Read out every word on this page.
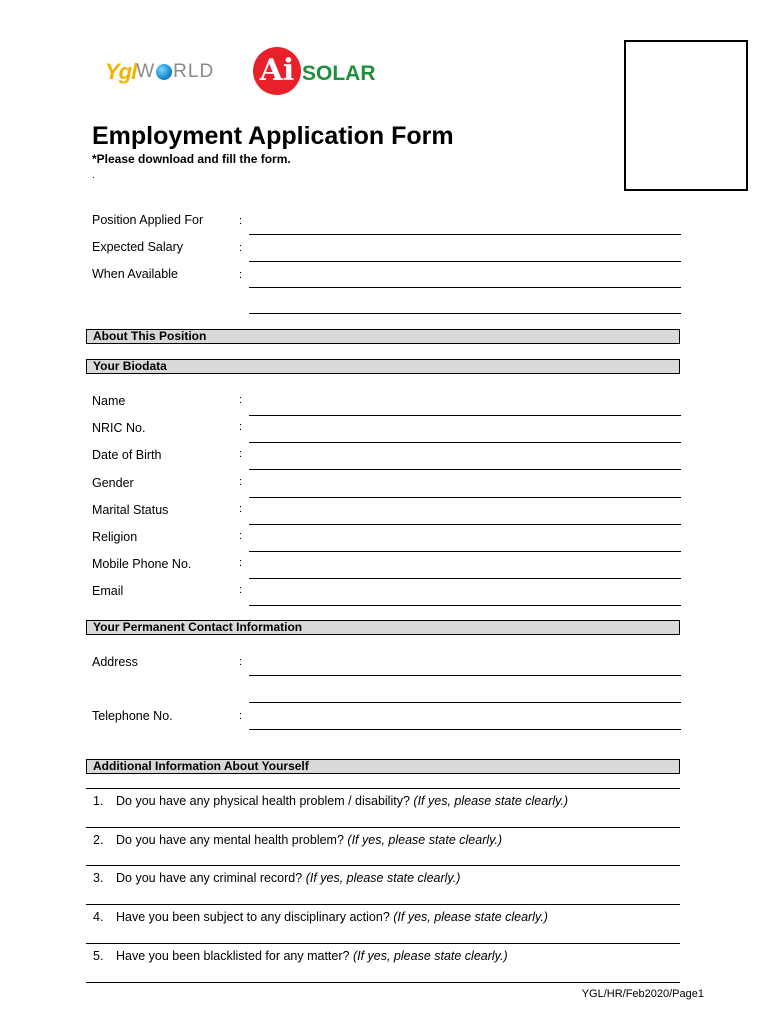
Ygl W RLD Ai SOLAR
Employment Application Form
*Please download and fill the form.
.
Position Applied For	:
Expected Salary	:
When Available	:
About This Position
Your Biodata
Name	:
NRIC No.	:
Date of Birth	:
Gender	:
Marital Status	:
Religion	:
Mobile Phone No.	:
Email	:
Your Permanent Contact Information
Address	:
Telephone No.	:
Additional Information About Yourself
1. Do you have any physical health problem / disability? (If yes, please state clearly.)
2. Do you have any mental health problem? (If yes, please state clearly.)
3. Do you have any criminal record? (If yes, please state clearly.)
4. Have you been subject to any disciplinary action? (If yes, please state clearly.)
5. Have you been blacklisted for any matter? (If yes, please state clearly.)
YGL/HR/Feb2020/Page1
